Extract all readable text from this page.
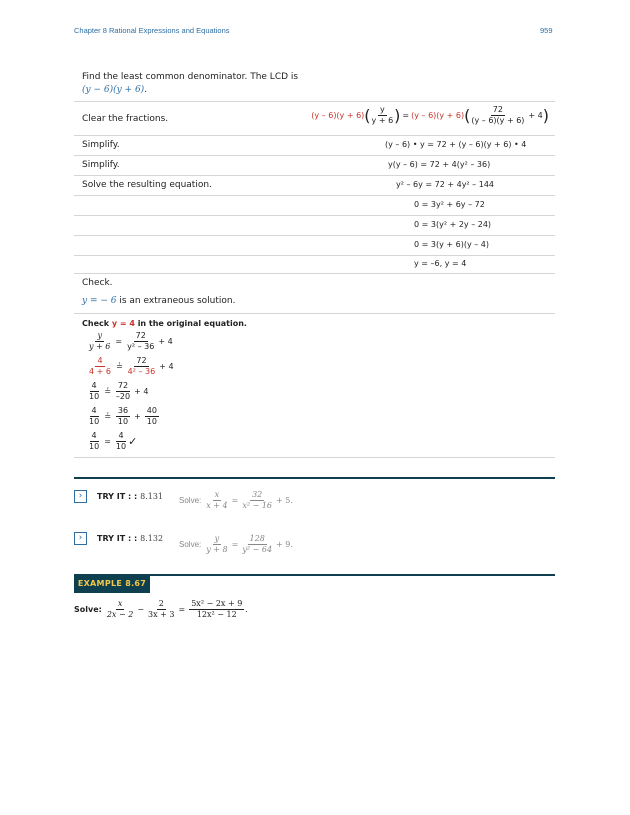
Chapter 8 Rational Expressions and Equations	959
Find the least common denominator. The LCD is
(y − 6)(y + 6).
Clear the fractions.	(y – 6)(y + 6) ( $\frac{y}{y + 6}$ ) = (y – 6)(y + 6) ( $\frac{72}{(y - 6)(y + 6)} + 4$ )
Simplify.	(y – 6) • y = 72 + (y – 6)(y + 6) • 4
Simplify.	y(y – 6) = 72 + 4(y² – 36)
Solve the resulting equation.	y² – 6y = 72 + 4y² – 144
0 = 3y² + 6y – 72
0 = 3(y² + 2y – 24)
0 = 3(y + 6)(y – 4)
y = –6, y = 4
Check.
y = − 6 is an extraneous solution.
Check y = 4 in the original equation.
$\frac{y}{y + 6} = \frac{72}{\text{y² – 36}} + 4$
$\frac{4}{4 + 6}$ ≟ $\frac{72}{\text{4² – 36}} + 4$
$\frac{4}{10}$ ≟ $\frac{72}{-20} + 4$
$\frac{4}{10}$ ≟ $\frac{36}{10} + \frac{40}{10}$
$\frac{4}{10} = \frac{4}{10}$ ✓
›	TRY IT : : 8.131 Solve: $\frac{x}{x + 4} = \frac{32}{\text{x² − 16}} + 5$.
›	TRY IT : : 8.132
Solve: $\frac{y}{y + 8} = \frac{128}{\text{y² − 64}} + 9$.
EXAMPLE 8.67
Solve: $\frac{x}{2x - 2} - \frac{2}{3x + 3} = \frac{\text{5x² − 2x + 9}}{\text{12x² − 12}}$ .
